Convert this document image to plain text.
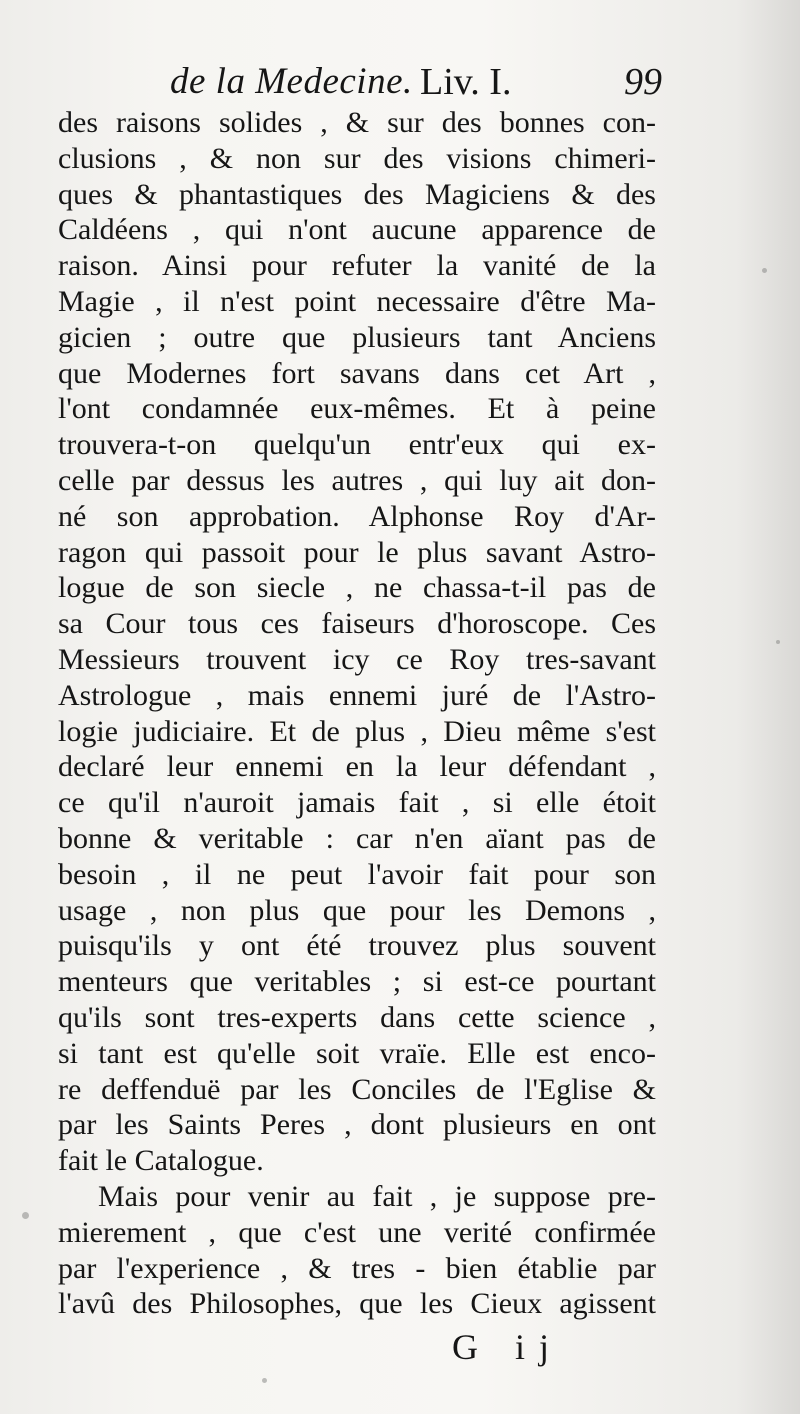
de la Medecine. Liv. I.	99
des raisons solides , & sur des bonnes con-
clusions , & non sur des visions chimeri-
ques & phantastiques des Magiciens & des
Caldéens , qui n'ont aucune apparence de
raison. Ainsi pour refuter la vanité de la
Magie , il n'est point necessaire d'être Ma-
gicien ; outre que plusieurs tant Anciens
que Modernes fort savans dans cet Art ,
l'ont condamnée eux-mêmes. Et à peine
trouvera-t-on quelqu'un entr'eux qui ex-
celle par dessus les autres , qui luy ait don-
né son approbation. Alphonse Roy d'Ar-
ragon qui passoit pour le plus savant Astro-
logue de son siecle , ne chassa-t-il pas de
sa Cour tous ces faiseurs d'horoscope. Ces
Messieurs trouvent icy ce Roy tres-savant
Astrologue , mais ennemi juré de l'Astro-
logie judiciaire. Et de plus , Dieu même s'est
declaré leur ennemi en la leur défendant ,
ce qu'il n'auroit jamais fait , si elle étoit
bonne & veritable : car n'en aïant pas de
besoin , il ne peut l'avoir fait pour son
usage , non plus que pour les Demons ,
puisqu'ils y ont été trouvez plus souvent
menteurs que veritables ; si est-ce pourtant
qu'ils sont tres-experts dans cette science ,
si tant est qu'elle soit vraïe. Elle est enco-
re deffenduë par les Conciles de l'Eglise &
par les Saints Peres , dont plusieurs en ont
fait le Catalogue.
Mais pour venir au fait , je suppose pre-
mierement , que c'est une verité confirmée
par l'experience , & tres - bien établie par
l'avû des Philosophes, que les Cieux agissent
G ij
